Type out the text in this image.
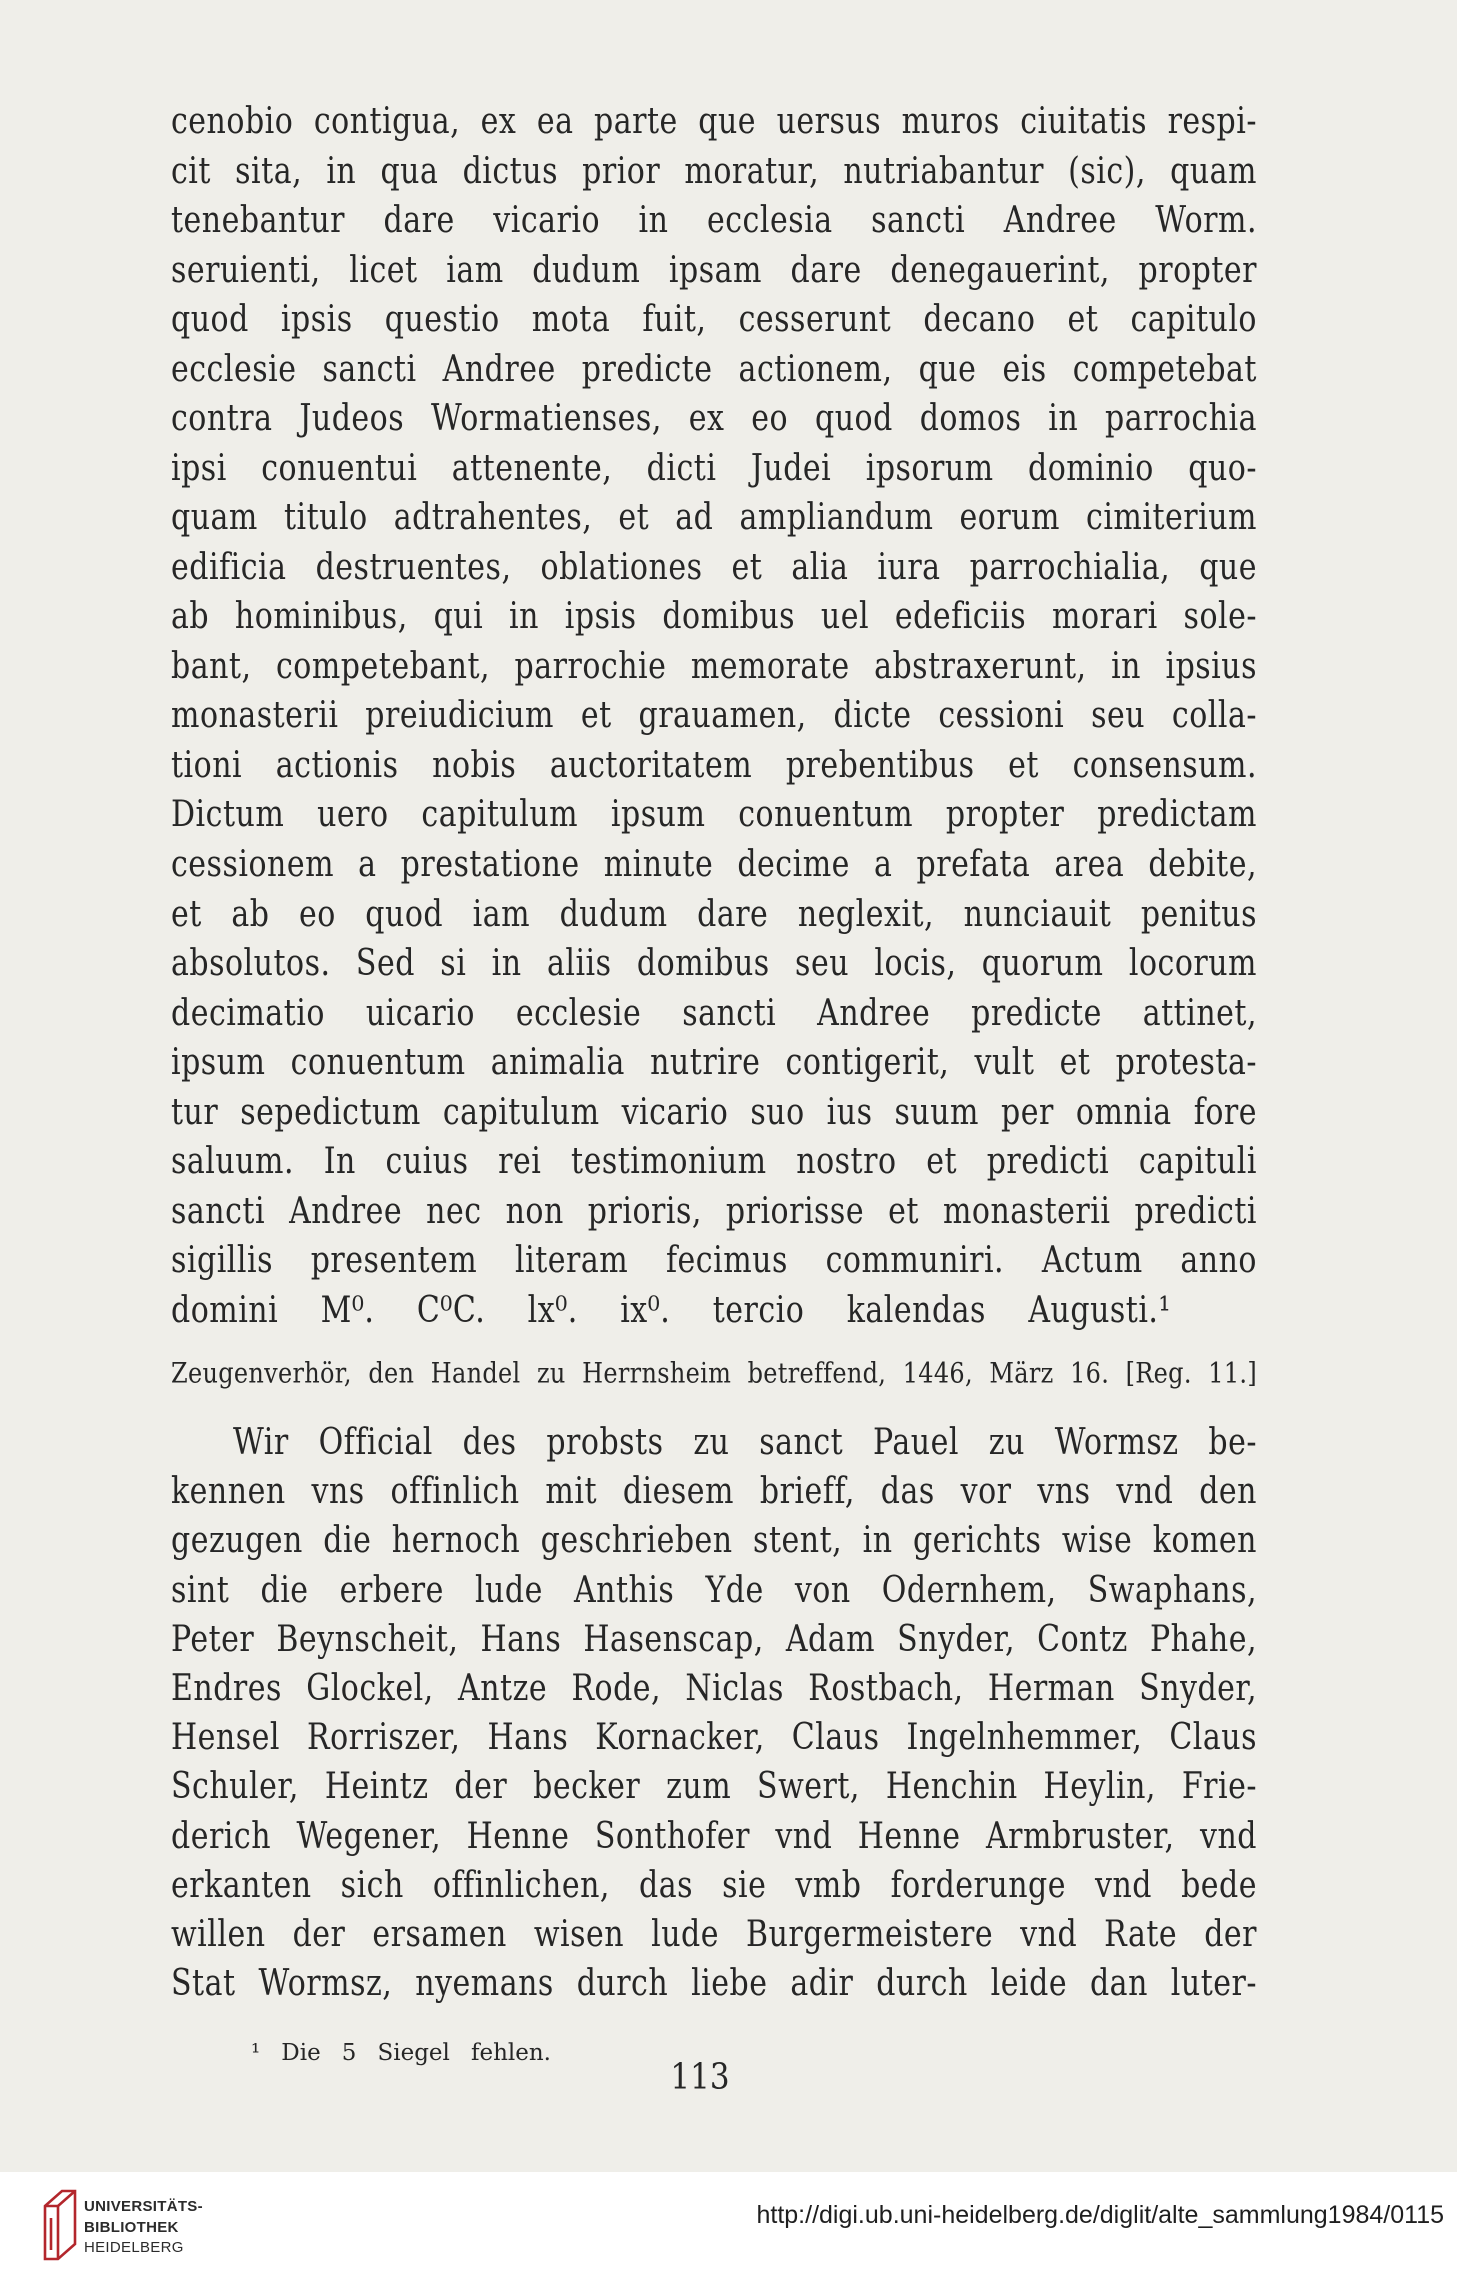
cenobio contigua, ex ea parte que uersus muros ciuitatis respi-
cit sita, in qua dictus prior moratur, nutriabantur (sic), quam
tenebantur dare vicario in ecclesia sancti Andree Worm.
seruienti, licet iam dudum ipsam dare denegauerint, propter
quod ipsis questio mota fuit, cesserunt decano et capitulo
ecclesie sancti Andree predicte actionem, que eis competebat
contra Judeos Wormatienses, ex eo quod domos in parrochia
ipsi conuentui attenente, dicti Judei ipsorum dominio quo-
quam titulo adtrahentes, et ad ampliandum eorum cimiterium
edificia destruentes, oblationes et alia iura parrochialia, que
ab hominibus, qui in ipsis domibus uel edeficiis morari sole-
bant, competebant, parrochie memorate abstraxerunt, in ipsius
monasterii preiudicium et grauamen, dicte cessioni seu colla-
tioni actionis nobis auctoritatem prebentibus et consensum.
Dictum uero capitulum ipsum conuentum propter predictam
cessionem a prestatione minute decime a prefata area debite,
et ab eo quod iam dudum dare neglexit, nunciauit penitus
absolutos. Sed si in aliis domibus seu locis, quorum locorum
decimatio uicario ecclesie sancti Andree predicte attinet,
ipsum conuentum animalia nutrire contigerit, vult et protesta-
tur sepedictum capitulum vicario suo ius suum per omnia fore
saluum. In cuius rei testimonium nostro et predicti capituli
sancti Andree nec non prioris, priorisse et monasterii predicti
sigillis presentem literam fecimus communiri. Actum anno
domini M⁰. C⁰C. lx⁰. ix⁰. tercio kalendas Augusti.¹
Zeugenverhör, den Handel zu Herrnsheim betreffend, 1446, März 16. [Reg. 11.]
Wir Official des probsts zu sanct Pauel zu Wormsz be-
kennen vns offinlich mit diesem brieff, das vor vns vnd den
gezugen die hernoch geschrieben stent, in gerichts wise komen
sint die erbere lude Anthis Yde von Odernhem, Swaphans,
Peter Beynscheit, Hans Hasenscap, Adam Snyder, Contz Phahe,
Endres Glockel, Antze Rode, Niclas Rostbach, Herman Snyder,
Hensel Rorriszer, Hans Kornacker, Claus Ingelnhemmer, Claus
Schuler, Heintz der becker zum Swert, Henchin Heylin, Frie-
derich Wegener, Henne Sonthofer vnd Henne Armbruster, vnd
erkanten sich offinlichen, das sie vmb forderunge vnd bede
willen der ersamen wisen lude Burgermeistere vnd Rate der
Stat Wormsz, nyemans durch liebe adir durch leide dan luter-
¹ Die 5 Siegel fehlen.
113
UNIVERSITÄTS-
BIBLIOTHEK
HEIDELBERG
http://digi.ub.uni-heidelberg.de/diglit/alte_sammlung1984/0115
